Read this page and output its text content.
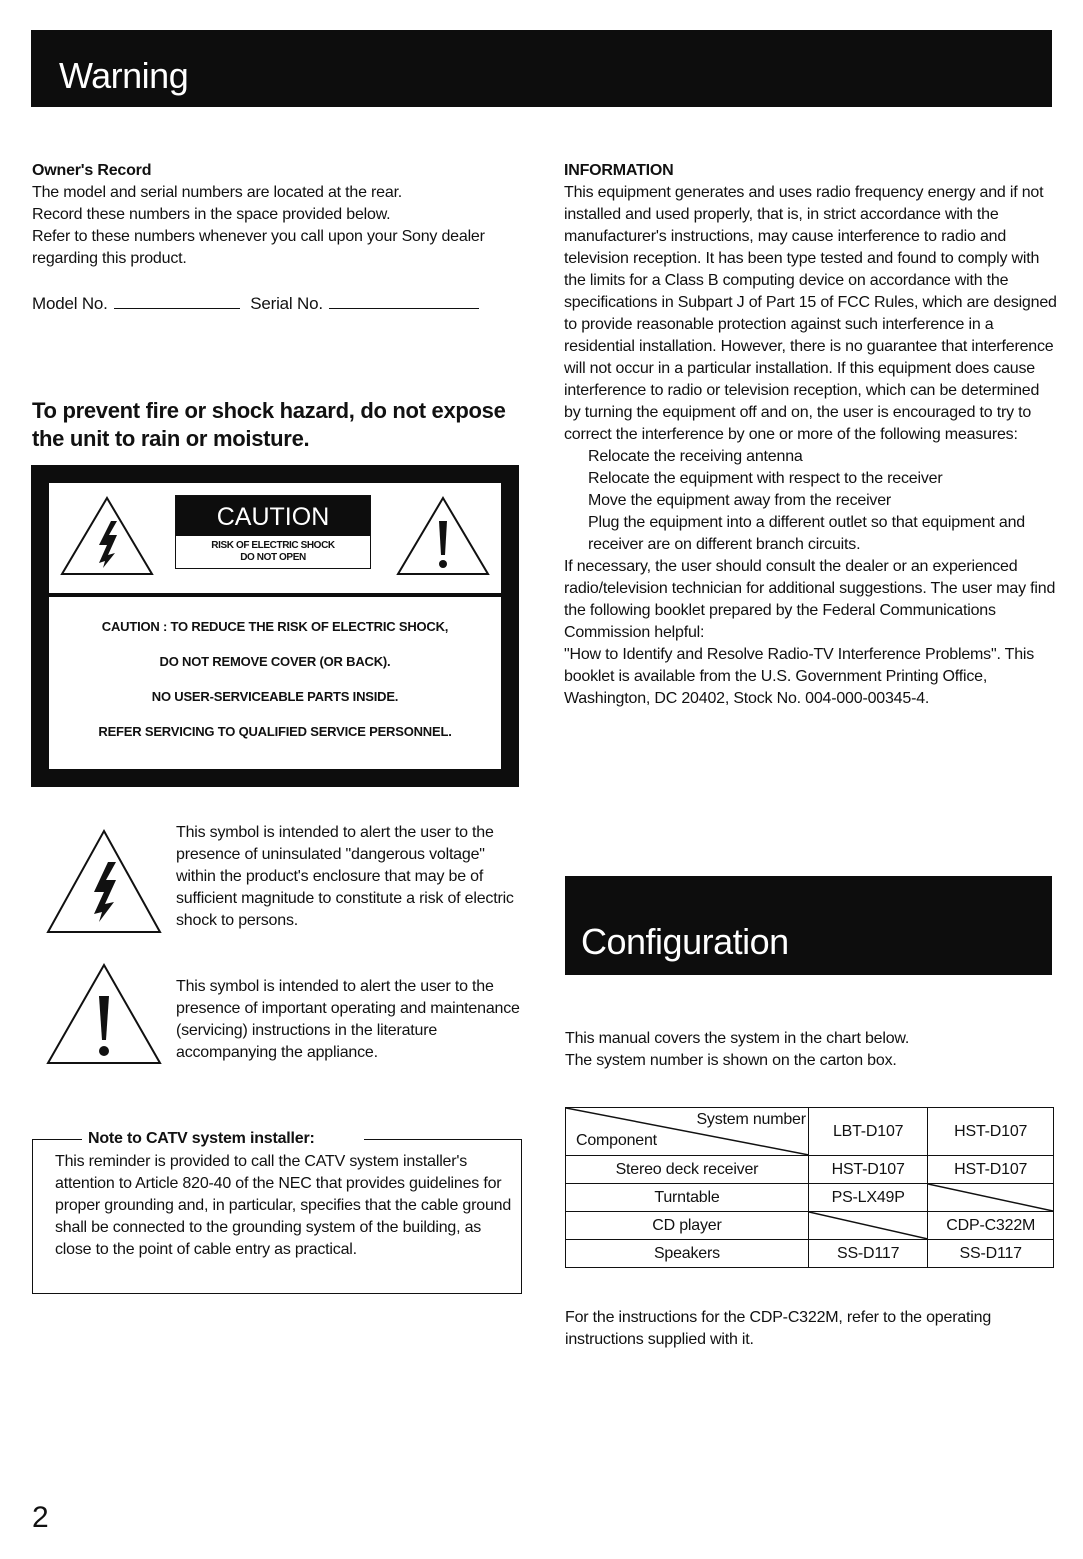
Warning

Owner's Record

The model and serial numbers are located at the rear.

Record these numbers in the space provided below.

Refer to these numbers whenever you call upon your Sony dealer regarding this product.

Model No.	Serial No.
To prevent fire or shock hazard, do not expose the unit to rain or moisture.
CAUTION
RISK OF ELECTRIC SHOCK
DO NOT OPEN

CAUTION : TO REDUCE THE RISK OF ELECTRIC SHOCK,

DO NOT REMOVE COVER (OR BACK).

NO USER-SERVICEABLE PARTS INSIDE.

REFER SERVICING TO QUALIFIED SERVICE PERSONNEL.

This symbol is intended to alert the user to the presence of uninsulated "dangerous voltage" within the product's enclosure that may be of sufficient magnitude to constitute a risk of electric shock to persons.
This symbol is intended to alert the user to the presence of important operating and maintenance (servicing) instructions in the literature accompanying the appliance.
Note to CATV system installer:
This reminder is provided to call the CATV system installer's attention to Article 820-40 of the NEC that provides guidelines for proper grounding and, in particular, specifies that the cable ground shall be connected to the grounding system of the building, as close to the point of cable entry as practical.

INFORMATION

This equipment generates and uses radio frequency energy and if not installed and used properly, that is, in strict accordance with the manufacturer's instructions, may cause interference to radio and television reception. It has been type tested and found to comply with the limits for a Class B computing device on accordance with the specifications in Subpart J of Part 15 of FCC Rules, which are designed to provide reasonable protection against such interference in a residential installation. However, there is no guarantee that interference will not occur in a particular installation. If this equipment does cause interference to radio or television reception, which can be determined by turning the equipment off and on, the user is encouraged to try to correct the interference by one or more of the following measures:

Relocate the receiving antenna

Relocate the equipment with respect to the receiver

Move the equipment away from the receiver

Plug the equipment into a different outlet so that equipment and receiver are on different branch circuits.

If necessary, the user should consult the dealer or an experienced radio/television technician for additional suggestions. The user may find the following booklet prepared by the Federal Communications Commission helpful:

"How to Identify and Resolve Radio-TV Interference Problems". This booklet is available from the U.S. Government Printing Office, Washington, DC 20402, Stock No. 004-000-00345-4.

Configuration

This manual covers the system in the chart below.

The system number is shown on the carton box.

System number
Component	LBT-D107	HST-D107
Stereo deck receiver	HST-D107	HST-D107
Turntable	PS-LX49P	

CD player		CDP-C322M
Speakers	SS-D117	SS-D117
For the instructions for the CDP-C322M, refer to the operating instructions supplied with it.
2
